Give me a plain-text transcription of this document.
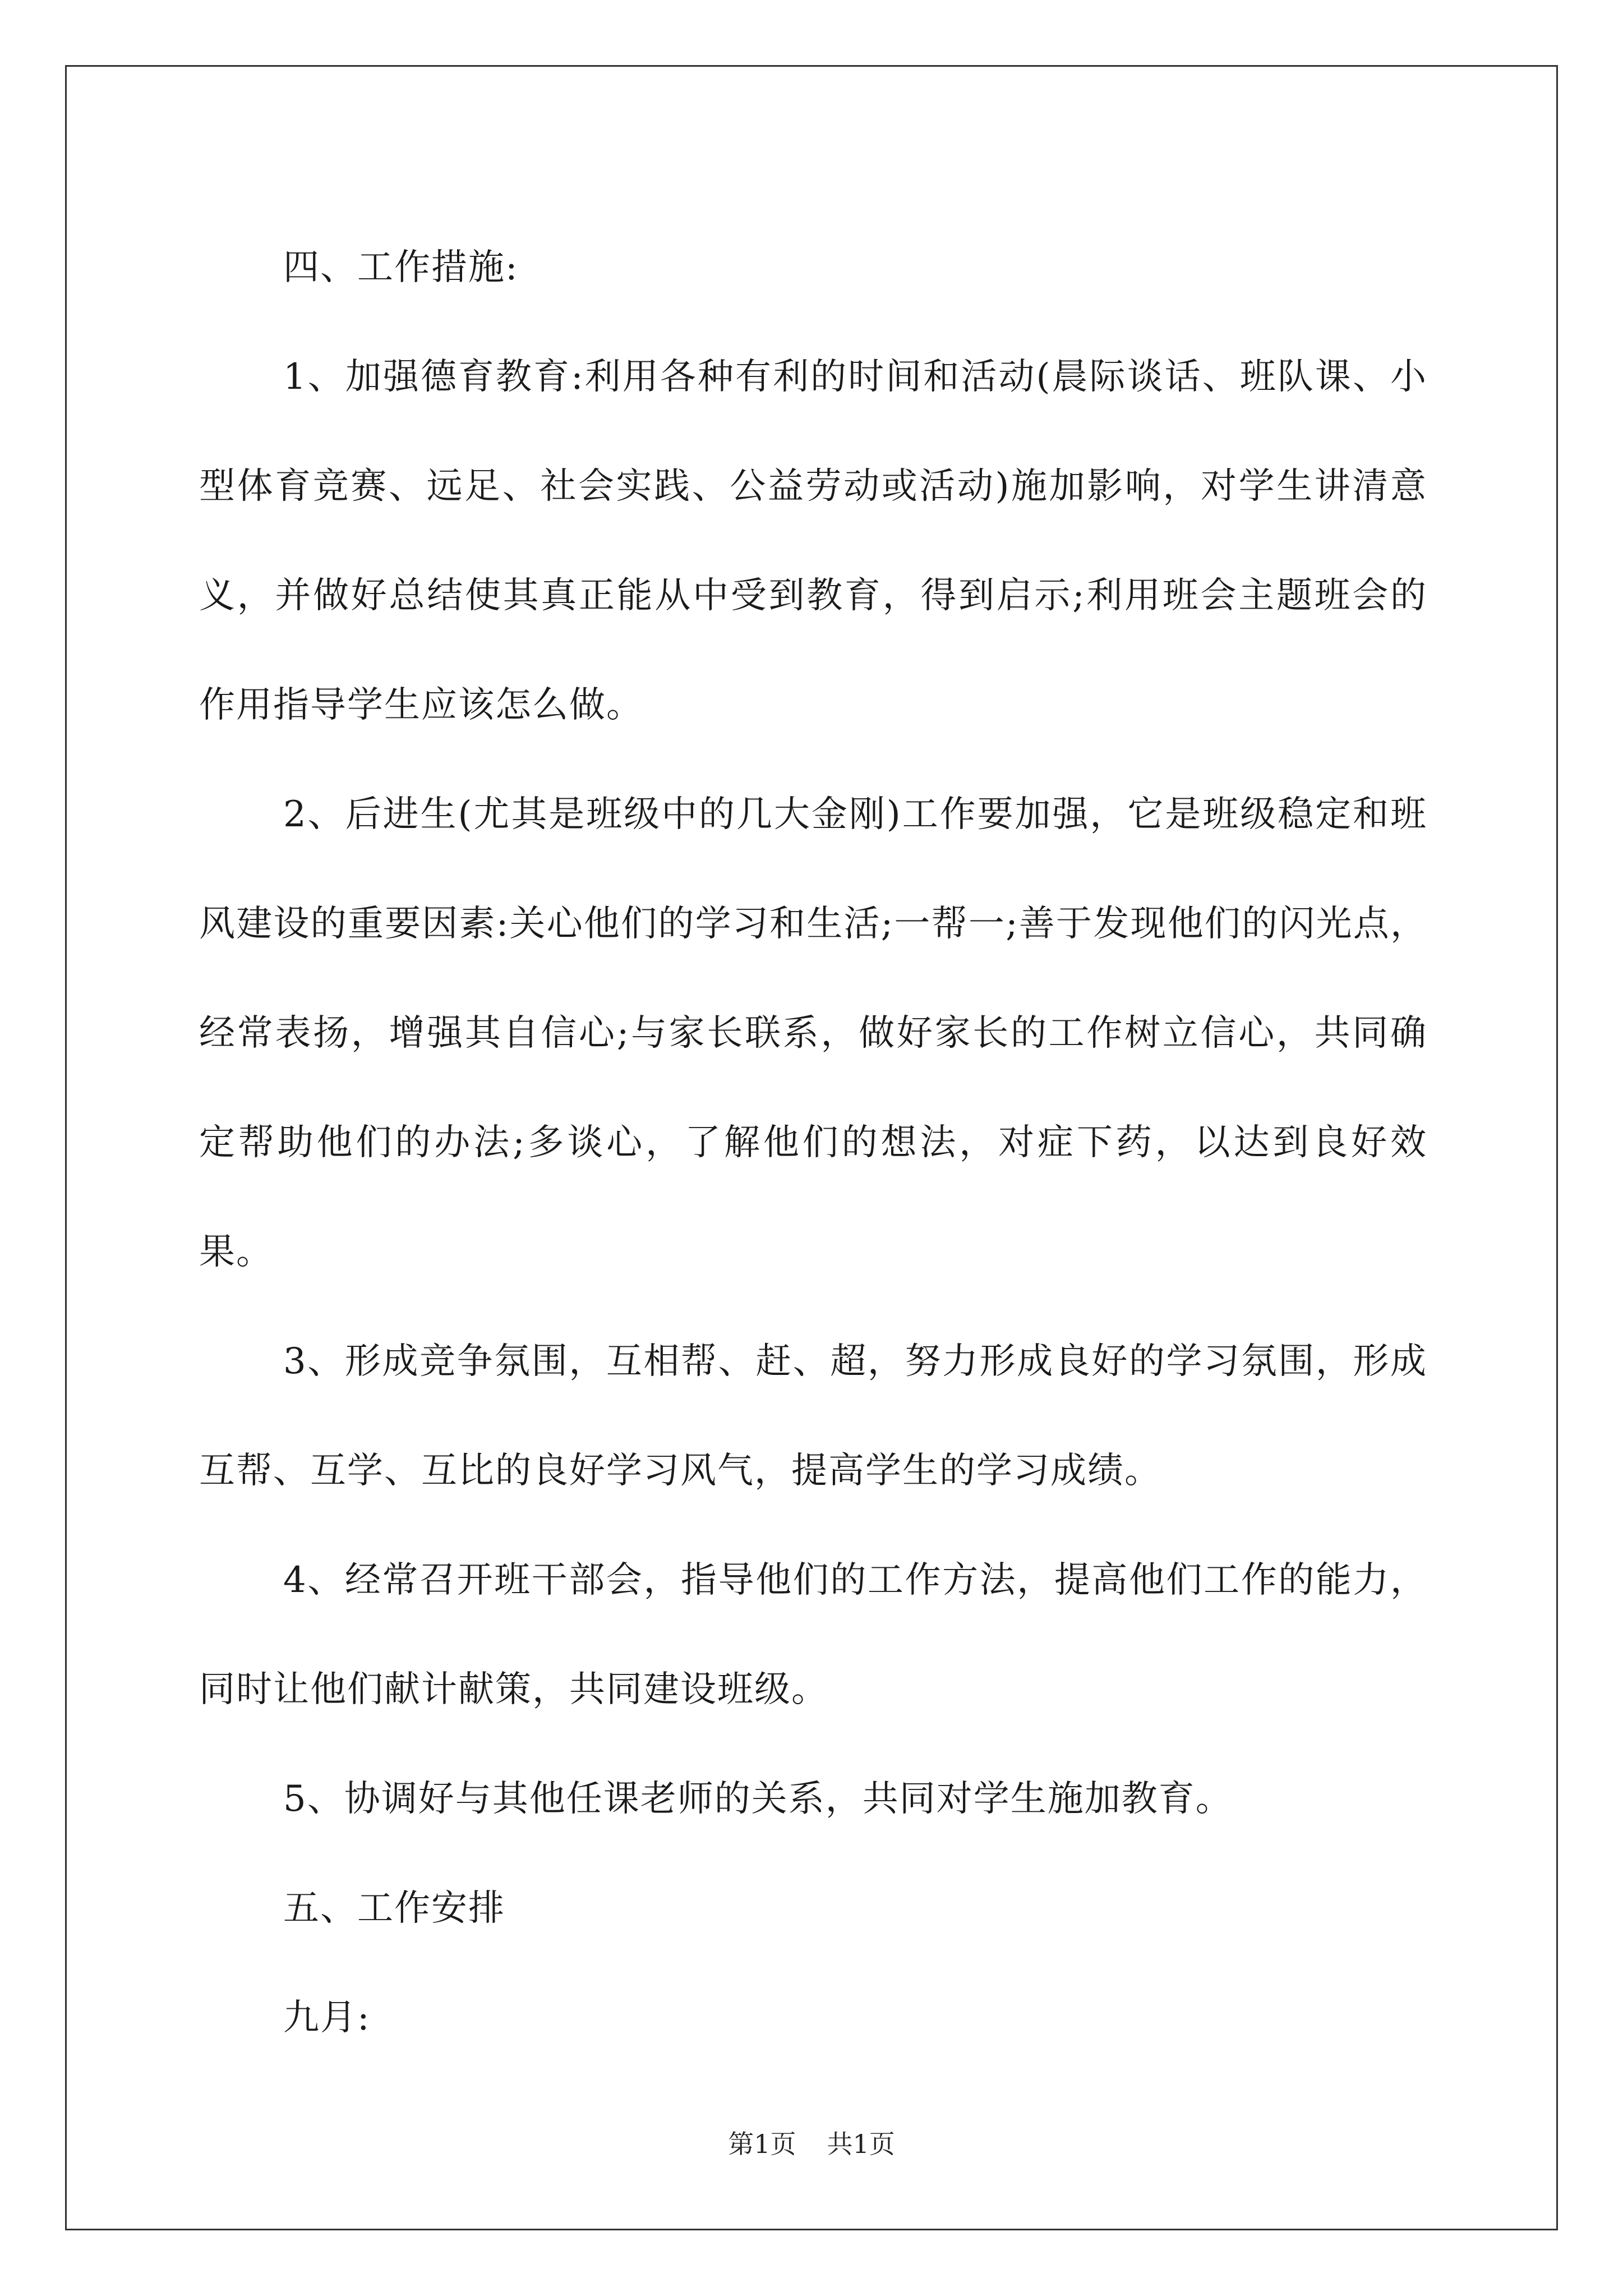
四、工作措施:

1、加强德育教育:利用各种有利的时间和活动(晨际谈话、班队课、小型体育竞赛、远足、社会实践、公益劳动或活动)施加影响，对学生讲清意义，并做好总结使其真正能从中受到教育，得到启示;利用班会主题班会的作用指导学生应该怎么做。

2、后进生(尤其是班级中的几大金刚)工作要加强，它是班级稳定和班风建设的重要因素:关心他们的学习和生活;一帮一;善于发现他们的闪光点，经常表扬，增强其自信心;与家长联系，做好家长的工作树立信心，共同确定帮助他们的办法;多谈心，了解他们的想法，对症下药，以达到良好效果。

3、形成竞争氛围，互相帮、赶、超，努力形成良好的学习氛围，形成互帮、互学、互比的良好学习风气，提高学生的学习成绩。

4、经常召开班干部会，指导他们的工作方法，提高他们工作的能力，同时让他们献计献策，共同建设班级。

5、协调好与其他任课老师的关系，共同对学生施加教育。

五、工作安排

九月:

第1页 共1页
